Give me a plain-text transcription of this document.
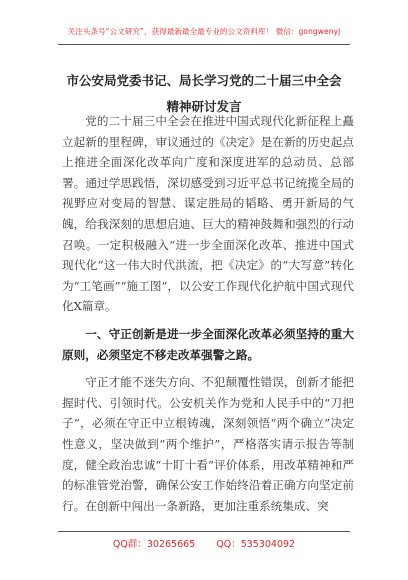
关注头条号“公文研究”，获得最新最全最专业的公文资料库！ 微信：gongwenyj
市公安局党委书记、局长学习党的二十届三中全会精神研讨发言

党的二十届三中全会在推进中国式现代化新征程上矗立起新的里程碑，审议通过的《决定》是在新的历史起点上推进全面深化改革向广度和深度进军的总动员、总部署。通过学思践悟，深切感受到习近平总书记统揽全局的视野应对变局的智慧、谋定胜局的韬略、勇开新局的气魄，给我深刻的思想启迪、巨大的精神鼓舞和强烈的行动召唤。一定积极融入“进一步全面深化改革、推进中国式现代化”这一伟大时代洪流，把《决定》的“大写意”转化为“工笔画”“施工图”，以公安工作现代化护航中国式现代化X篇章。

一、守正创新是进一步全面深化改革必须坚持的重大原则，必须坚定不移走改革强警之路。

守正才能不迷失方向、不犯颠覆性错误，创新才能把握时代、引领时代。公安机关作为党和人民手中的“刀把子”，必须在守正中立根铸魂，深刻领悟“两个确立”决定性意义，坚决做到“两个维护”，严格落实请示报告等制度，健全政治忠诚“十盯十看”评价体系，用改革精神和严的标准管党治警，确保公安工作始终沿着正确方向坚定前行。在创新中闯出一条新路，更加注重系统集成、突

QQ群：30265665 QQ：535304092
